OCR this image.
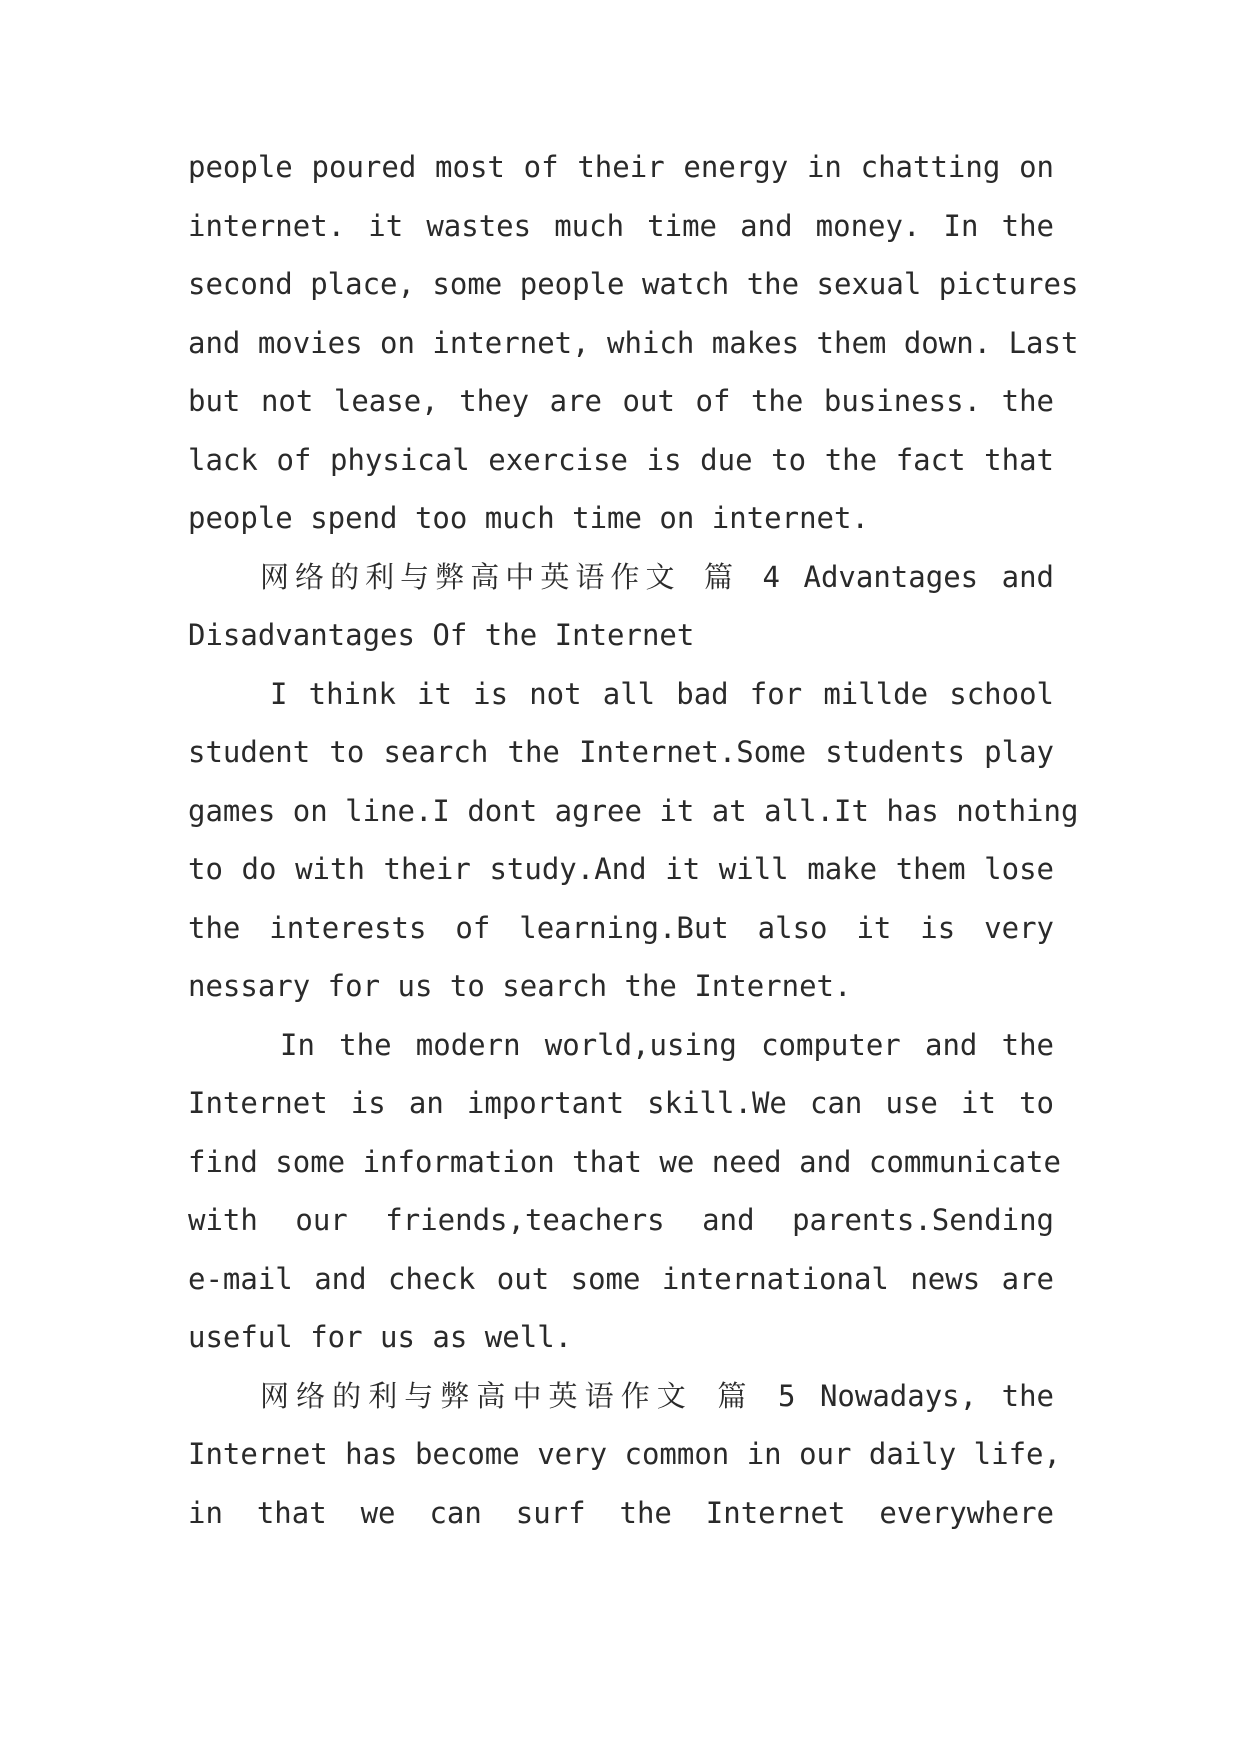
people poured most of their energy in chatting on
internet. it wastes much time and money. In the
second place, some people watch the sexual pictures
and movies on internet, which makes them down. Last
but not lease, they are out of the business. the
lack of physical exercise is due to the fact that
people spend too much time on internet.
网络的利与弊高中英语作文 篇 4 Advantages and
Disadvantages Of the Internet
I think it is not all bad for millde school
student to search the Internet.Some students play
games on line.I dont agree it at all.It has nothing
to do with their study.And it will make them lose
the interests of learning.But also it is very
nessary for us to search the Internet.
In the modern world,using computer and the
Internet is an important skill.We can use it to
find some information that we need and communicate
with our friends,teachers and parents.Sending
e-mail and check out some international news are
useful for us as well.
网络的利与弊高中英语作文 篇 5 Nowadays, the
Internet has become very common in our daily life,
in that we can surf the Internet everywhere
